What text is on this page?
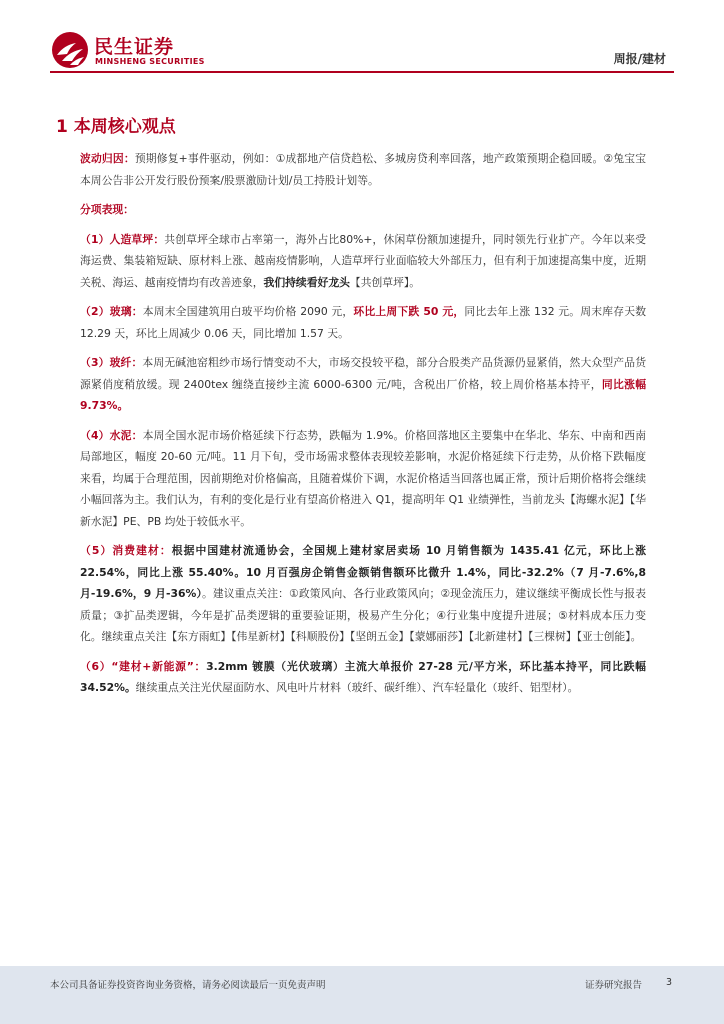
民生证券
MINSHENG SECURITIES	周报/建材
1 本周核心观点

波动归因：预期修复+事件驱动，例如：①成都地产信贷趋松、多城房贷利率回落，地产政策预期企稳回暖。②兔宝宝本周公告非公开发行股份预案/股票激励计划/员工持股计划等。

分项表现：

（1）人造草坪：共创草坪全球市占率第一，海外占比80%+，休闲草份额加速提升，同时领先行业扩产。今年以来受海运费、集装箱短缺、原材料上涨、越南疫情影响，人造草坪行业面临较大外部压力，但有利于加速提高集中度，近期关税、海运、越南疫情均有改善迹象，我们持续看好龙头【共创草坪】。

（2）玻璃：本周末全国建筑用白玻平均价格 2090 元，环比上周下跌 50 元，同比去年上涨 132 元。周末库存天数 12.29 天，环比上周减少 0.06 天，同比增加 1.57 天。

（3）玻纤：本周无碱池窑粗纱市场行情变动不大，市场交投较平稳，部分合股类产品货源仍显紧俏，然大众型产品货源紧俏度稍放缓。现 2400tex 缠绕直接纱主流 6000-6300 元/吨，含税出厂价格，较上周价格基本持平，同比涨幅 9.73%。

（4）水泥：本周全国水泥市场价格延续下行态势，跌幅为 1.9%。价格回落地区主要集中在华北、华东、中南和西南局部地区，幅度 20-60 元/吨。11 月下旬，受市场需求整体表现较差影响，水泥价格延续下行走势，从价格下跌幅度来看，均属于合理范围，因前期绝对价格偏高，且随着煤价下调，水泥价格适当回落也属正常，预计后期价格将会继续小幅回落为主。我们认为，有利的变化是行业有望高价格进入 Q1，提高明年 Q1 业绩弹性，当前龙头【海螺水泥】【华新水泥】PE、PB 均处于较低水平。

（5）消费建材：根据中国建材流通协会，全国规上建材家居卖场 10 月销售额为 1435.41 亿元，环比上涨 22.54%，同比上涨 55.40%。10 月百强房企销售金额销售额环比微升 1.4%，同比-32.2%（7 月-7.6%,8 月-19.6%，9 月-36%）。建议重点关注：①政策风向、各行业政策风向；②现金流压力，建议继续平衡成长性与报表质量；③扩品类逻辑，今年是扩品类逻辑的重要验证期，极易产生分化；④行业集中度提升进展；⑤材料成本压力变化。继续重点关注【东方雨虹】【伟星新材】【科顺股份】【坚朗五金】【蒙娜丽莎】【北新建材】【三棵树】【亚士创能】。

（6）“建材+新能源”：3.2mm 镀膜（光伏玻璃）主流大单报价 27-28 元/平方米，环比基本持平，同比跌幅 34.52%。继续重点关注光伏屋面防水、风电叶片材料（玻纤、碳纤维）、汽车轻量化（玻纤、铝型材）。

本公司具备证券投资咨询业务资格，请务必阅读最后一页免责声明	证券研究报告	3
